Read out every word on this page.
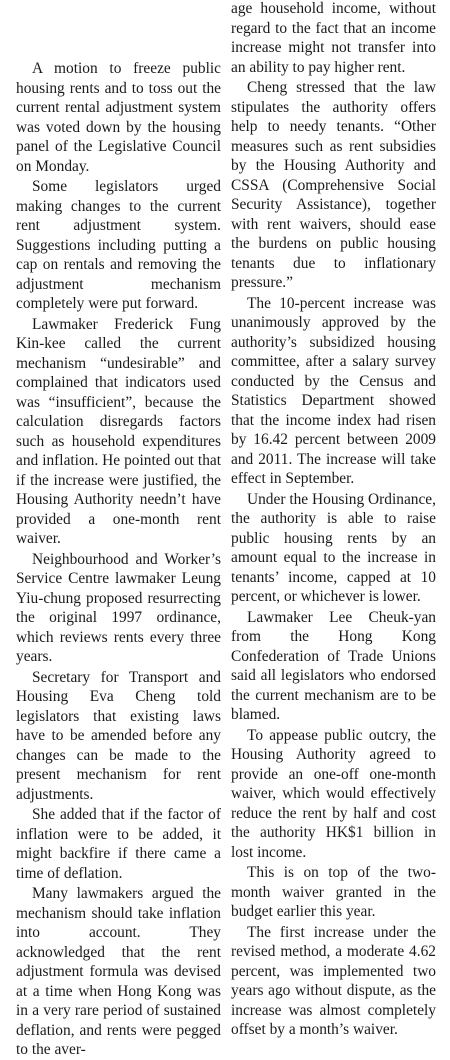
A motion to freeze public housing rents and to toss out the current rental adjustment system was voted down by the housing panel of the Legislative Council on Monday.

Some legislators urged making changes to the current rent adjustment system. Suggestions including putting a cap on rentals and removing the adjustment mechanism completely were put forward.

Lawmaker Frederick Fung Kin-kee called the current mechanism “undesirable” and complained that indicators used was “insufficient”, because the calculation disregards factors such as household expenditures and inflation. He pointed out that if the increase were justified, the Housing Authority needn’t have provided a one-month rent waiver.

Neighbourhood and Worker’s Service Centre lawmaker Leung Yiu-chung proposed resurrecting the original 1997 ordinance, which reviews rents every three years.

Secretary for Transport and Housing Eva Cheng told legislators that existing laws have to be amended before any changes can be made to the present mechanism for rent adjustments.

She added that if the factor of inflation were to be added, it might backfire if there came a time of deflation.

Many lawmakers argued the mechanism should take inflation into account. They acknowledged that the rent adjustment formula was devised at a time when Hong Kong was in a very rare period of sustained deflation, and rents were pegged to the aver-

age household income, without regard to the fact that an income increase might not transfer into an ability to pay higher rent.

Cheng stressed that the law stipulates the authority offers help to needy tenants. “Other measures such as rent subsidies by the Housing Authority and CSSA (Comprehensive Social Security Assistance), together with rent waivers, should ease the burdens on public housing tenants due to inflationary pressure.”

The 10-percent increase was unanimously approved by the authority’s subsidized housing committee, after a salary survey conducted by the Census and Statistics Department showed that the income index had risen by 16.42 percent between 2009 and 2011. The increase will take effect in September.

Under the Housing Ordinance, the authority is able to raise public housing rents by an amount equal to the increase in tenants’ income, capped at 10 percent, or whichever is lower.

Lawmaker Lee Cheuk-yan from the Hong Kong Confederation of Trade Unions said all legislators who endorsed the current mechanism are to be blamed.

To appease public outcry, the Housing Authority agreed to provide an one-off one-month waiver, which would effectively reduce the rent by half and cost the authority HK$1 billion in lost income.

This is on top of the two-month waiver granted in the budget earlier this year.

The first increase under the revised method, a moderate 4.62 percent, was implemented two years ago without dispute, as the increase was almost completely offset by a month’s waiver.
